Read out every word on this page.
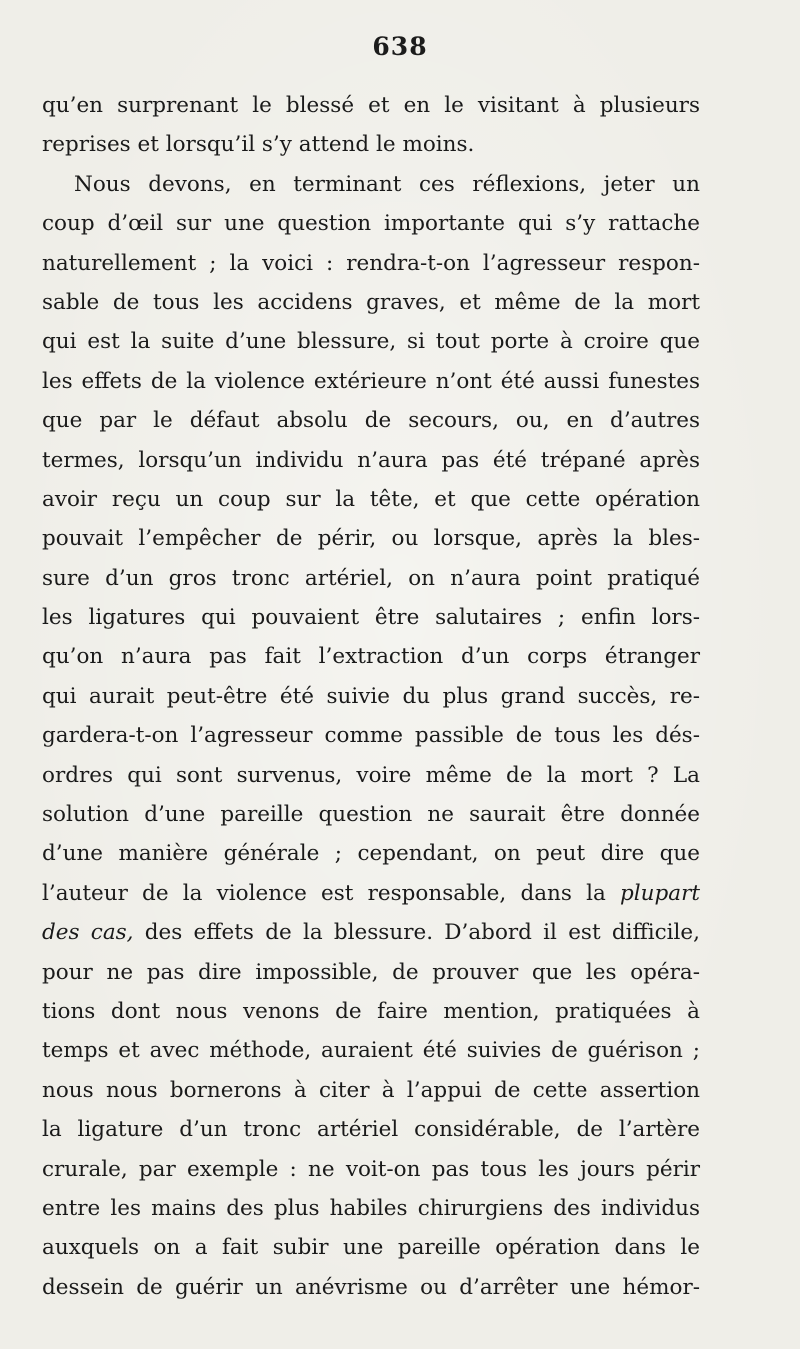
638
qu’en surprenant le blessé et en le visitant à plusieurs
reprises et lorsqu’il s’y attend le moins.
Nous devons, en terminant ces réflexions, jeter un
coup d’œil sur une question importante qui s’y rattache
naturellement ; la voici : rendra-t-on l’agresseur respon-
sable de tous les accidens graves, et même de la mort
qui est la suite d’une blessure, si tout porte à croire que
les effets de la violence extérieure n’ont été aussi funestes
que par le défaut absolu de secours, ou, en d’autres
termes, lorsqu’un individu n’aura pas été trépané après
avoir reçu un coup sur la tête, et que cette opération
pouvait l’empêcher de périr, ou lorsque, après la bles-
sure d’un gros tronc artériel, on n’aura point pratiqué
les ligatures qui pouvaient être salutaires ; enfin lors-
qu’on n’aura pas fait l’extraction d’un corps étranger
qui aurait peut-être été suivie du plus grand succès, re-
gardera-t-on l’agresseur comme passible de tous les dés-
ordres qui sont survenus, voire même de la mort ? La
solution d’une pareille question ne saurait être donnée
d’une manière générale ; cependant, on peut dire que
l’auteur de la violence est responsable, dans la plupart
des cas, des effets de la blessure. D’abord il est difficile,
pour ne pas dire impossible, de prouver que les opéra-
tions dont nous venons de faire mention, pratiquées à
temps et avec méthode, auraient été suivies de guérison ;
nous nous bornerons à citer à l’appui de cette assertion
la ligature d’un tronc artériel considérable, de l’artère
crurale, par exemple : ne voit-on pas tous les jours périr
entre les mains des plus habiles chirurgiens des individus
auxquels on a fait subir une pareille opération dans le
dessein de guérir un anévrisme ou d’arrêter une hémor-
